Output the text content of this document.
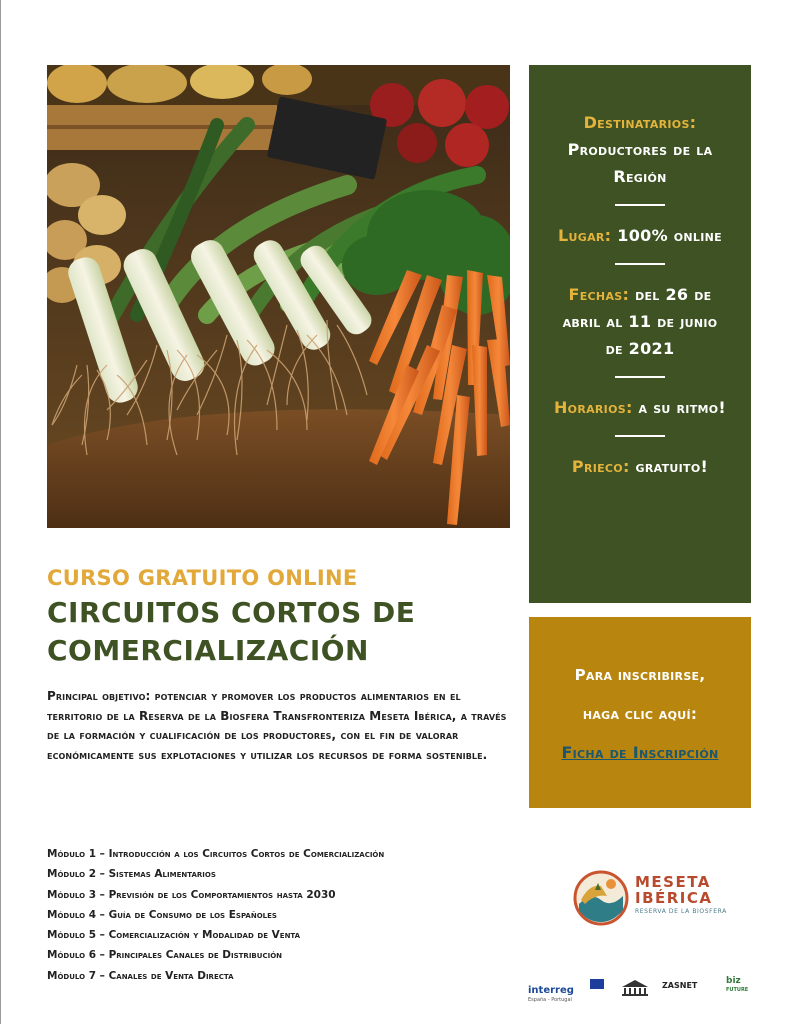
Destinatarios:
Productores de la
Región
Lugar: 100% online
Fechas: del 26 de
abril al 11 de junio
de 2021
Horarios: a su ritmo!
Prieco: gratuito!
Para inscribirse,
haga clic aquí:
Ficha de Inscripción
CURSO GRATUITO ONLINE
CIRCUITOS CORTOS DE
COMERCIALIZACIÓN
Principal objetivo: potenciar y promover los productos alimentarios en el territorio de la Reserva de la Biosfera Transfronteriza Meseta Ibérica, a través de la formación y cualificación de los productores, con el fin de valorar económicamente sus explotaciones y utilizar los recursos de forma sostenible.
Módulo 1 – Introducción a los Circuitos Cortos de Comercialización
Módulo 2 – Sistemas Alimentarios
Módulo 3 – Previsión de los Comportamientos hasta 2030
Módulo 4 – Guía de Consumo de los Españoles
Módulo 5 – Comercialización y Modalidad de Venta
Módulo 6 – Principales Canales de Distribución
Módulo 7 – Canales de Venta Directa
MESETA
IBÉRICA
RESERVA DE LA BIOSFERA
interreg
España - Portugal
ZASNET	biz
FUTURE
